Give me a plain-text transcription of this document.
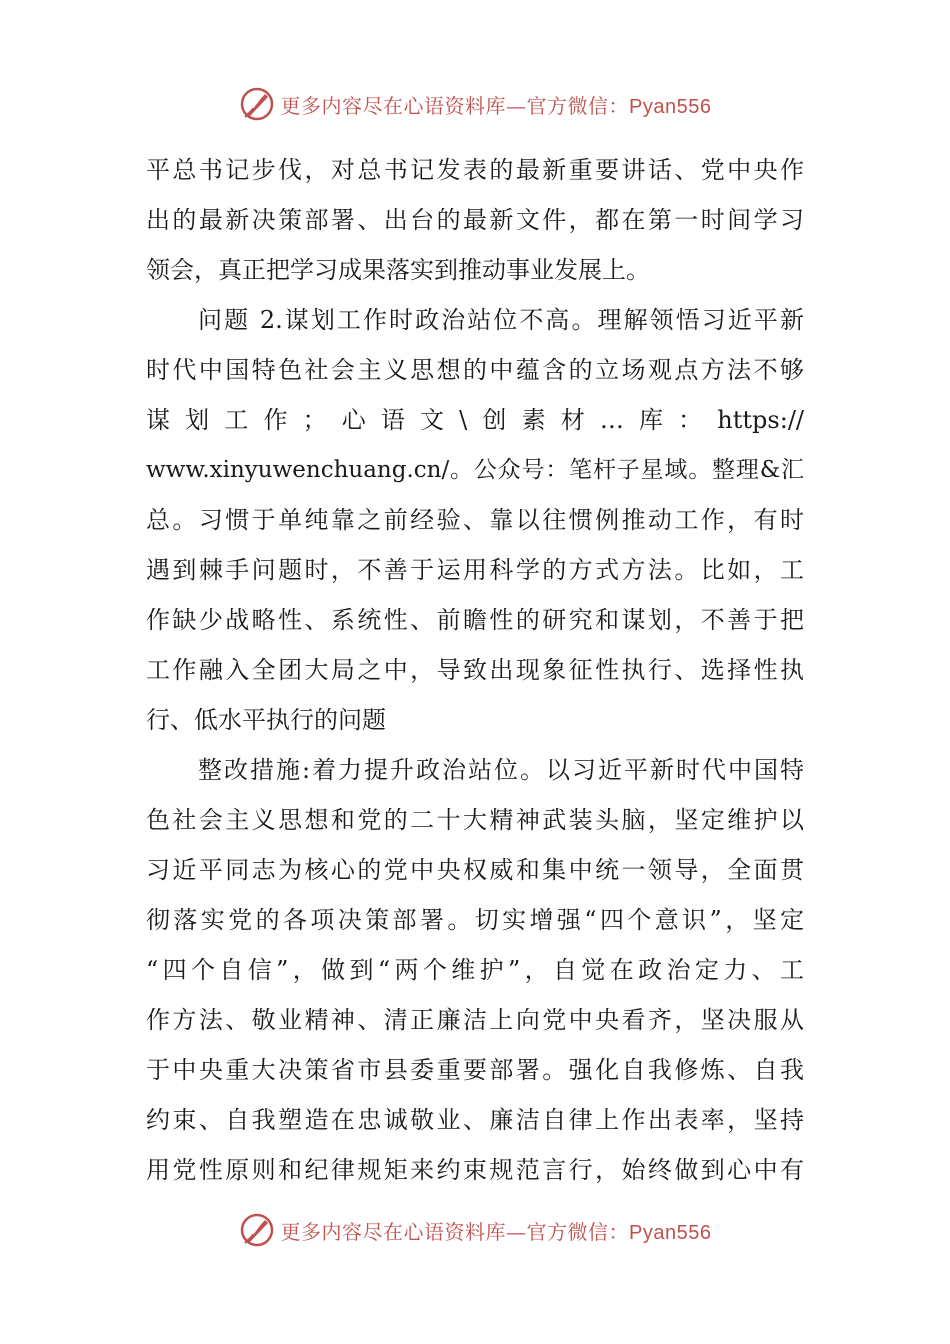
更多内容尽在心语资料库—官方微信：Pyan556
平总书记步伐，对总书记发表的最新重要讲话、党中央作
出的最新决策部署、出台的最新文件，都在第一时间学习
领会，真正把学习成果落实到推动事业发展上。
问题 2.谋划工作时政治站位不高。理解领悟习近平新
时代中国特色社会主义思想的中蕴含的立场观点方法不够
谋划工作；心语文\创素材…库：https://
www.xinyuwenchuang.cn/。公众号：笔杆子星域。整理&汇
总。习惯于单纯靠之前经验、靠以往惯例推动工作，有时
遇到棘手问题时，不善于运用科学的方式方法。比如，工
作缺少战略性、系统性、前瞻性的研究和谋划，不善于把
工作融入全团大局之中，导致出现象征性执行、选择性执
行、低水平执行的问题
整改措施:着力提升政治站位。以习近平新时代中国特
色社会主义思想和党的二十大精神武装头脑，坚定维护以
习近平同志为核心的党中央权威和集中统一领导，全面贯
彻落实党的各项决策部署。切实增强“四个意识”，坚定
“四个自信”，做到“两个维护”，自觉在政治定力、工
作方法、敬业精神、清正廉洁上向党中央看齐，坚决服从
于中央重大决策省市县委重要部署。强化自我修炼、自我
约束、自我塑造在忠诚敬业、廉洁自律上作出表率，坚持
用党性原则和纪律规矩来约束规范言行，始终做到心中有
更多内容尽在心语资料库—官方微信：Pyan556
